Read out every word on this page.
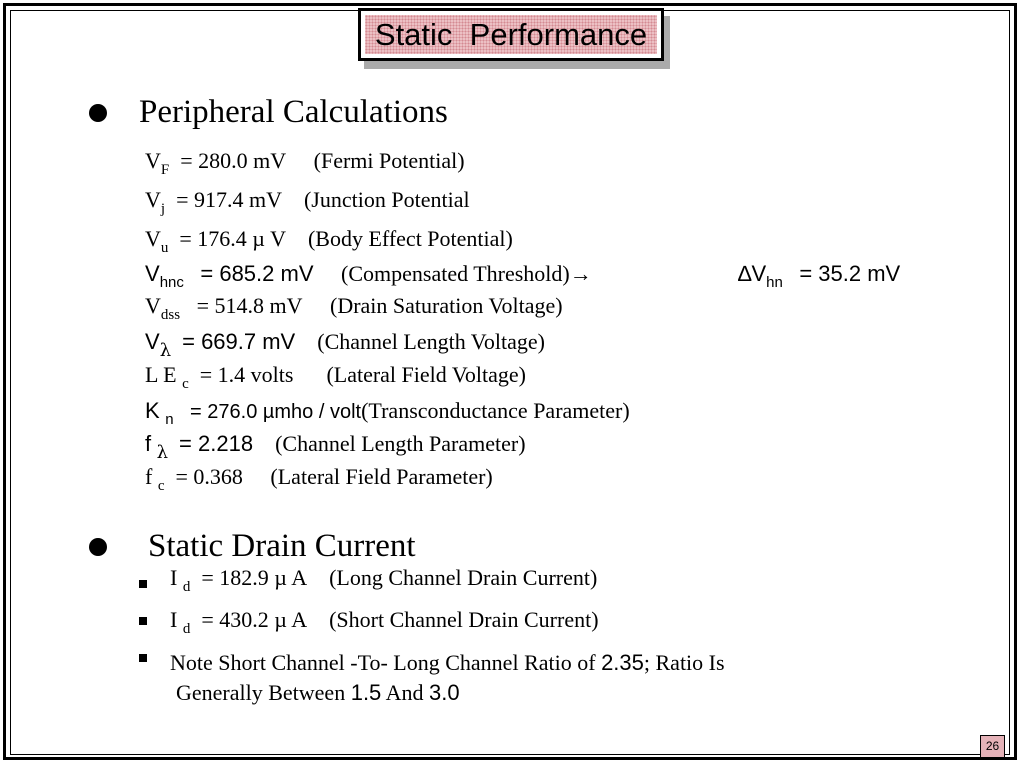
Static  Performance
Peripheral Calculations
$V_F = 280.0$ mV (Fermi Potential)
$V_j = 917.4$ mV (Junction Potential
$V_u = 176.4$ µ V (Body Effect Potential)
$V_{hnc} = 685.2$ mV (Compensated Threshold)→	$\Delta V_{hn} = 35.2$ mV
$V_{dss} = 514.8$ mV (Drain Saturation Voltage)
$V_\lambda = 669.7$ mV (Channel Length Voltage)
L E $_c$ = 1.4 volts (Lateral Field Voltage)
K $_n$ = 276.0 µmho / volt(Transconductance Parameter)
f $_\lambda$ = 2.218 (Channel Length Parameter)
f $_c$ = 0.368 (Lateral Field Parameter)
Static Drain Current
I $_d$ = 182.9 µ A (Long Channel Drain Current)
I $_d$ = 430.2 µ A (Short Channel Drain Current)
Note Short Channel -To- Long Channel Ratio of 2.35; Ratio Is
Generally Between 1.5 And 3.0
26
